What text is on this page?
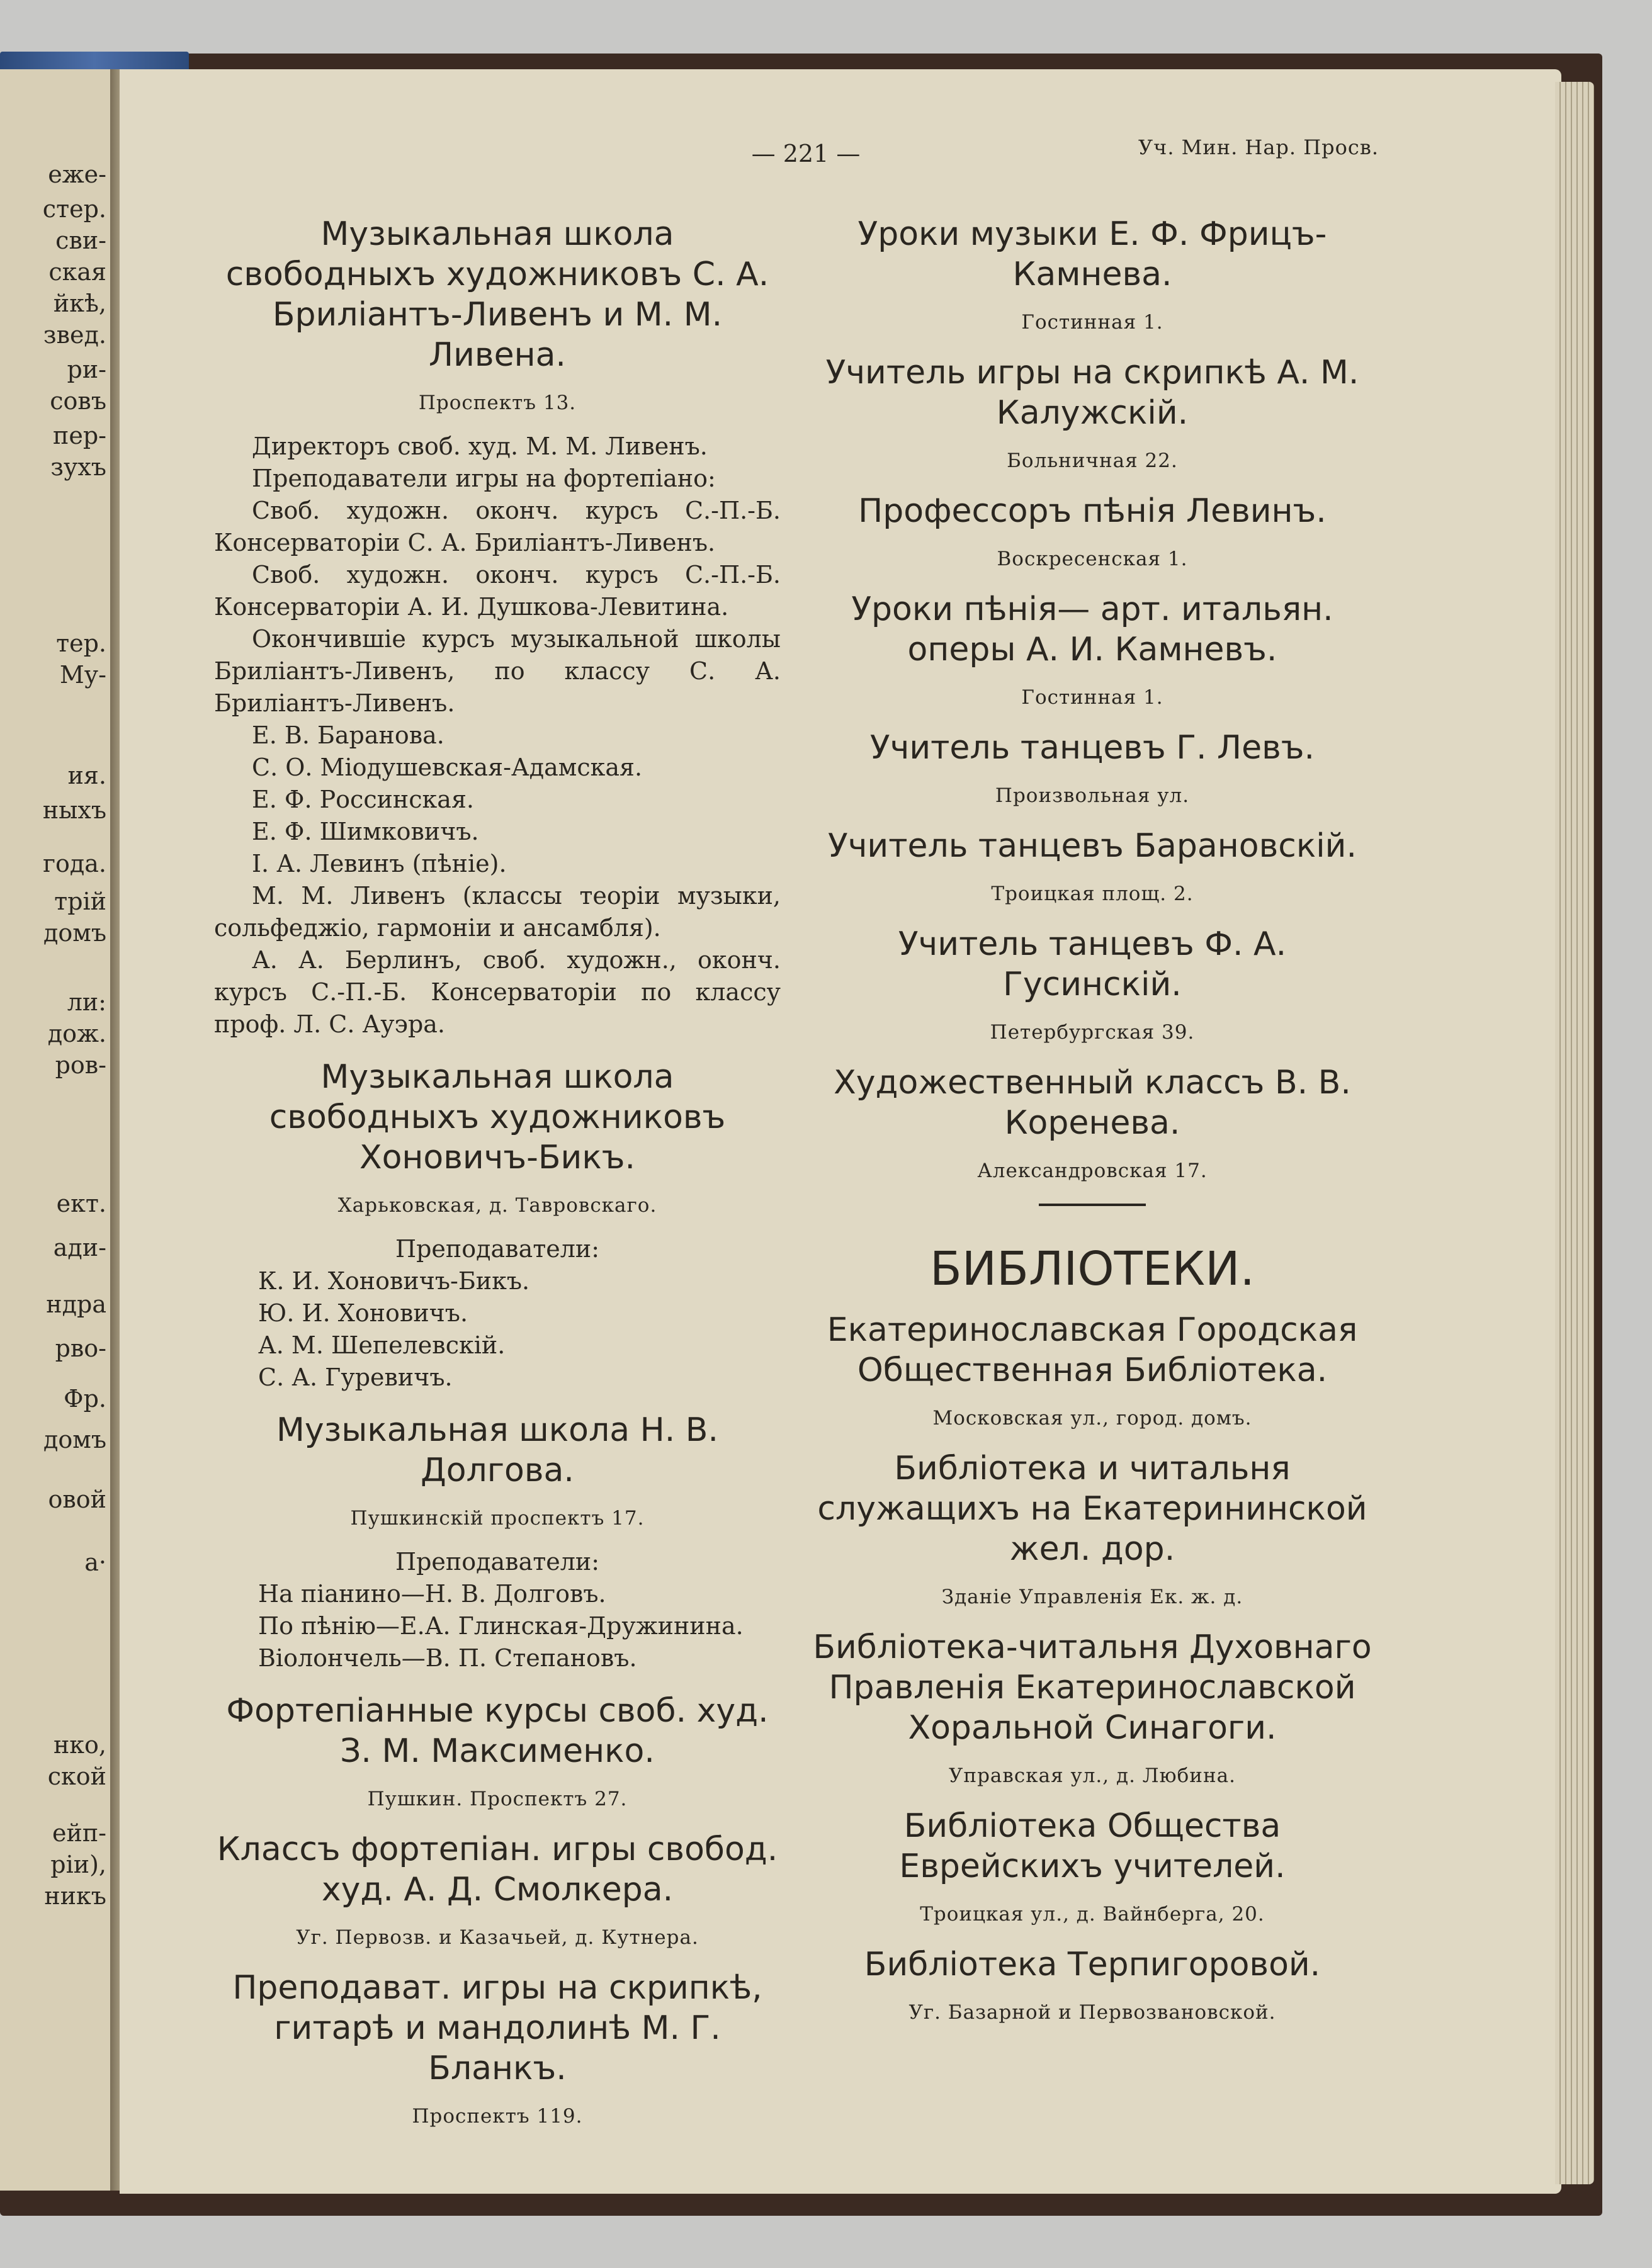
еже-
стер.
сви-
ская
йкѣ,
звед.
ри-
совъ
пер-
зухъ
тер.
Му-
ия.
ныхъ
года.
трій
домъ
ли:
дож.
ров-
ект.
ади-
ндра
рво-
Фр.
домъ
овой
а·
нко,
ской
ейп-
ріи),
никъ
— 221 —	Уч. Мин. Нар. Просв.
Музыкальная школа свободныхъ художниковъ С. А. Бриліантъ-Ливенъ и М. М. Ливена.
Проспектъ 13.

Директоръ своб. худ. М. М. Ливенъ.

Преподаватели игры на фортепіано:

Своб. художн. оконч. курсъ С.-П.-Б. Консерваторіи С. А. Бриліантъ-Ливенъ.

Своб. художн. оконч. курсъ С.-П.-Б. Консерваторіи А. И. Душкова-Левитина.

Окончившіе курсъ музыкальной школы Бриліантъ-Ливенъ, по классу С. А. Бриліантъ-Ливенъ.

Е. В. Баранова.

С. О. Міодушевская-Адамская.

Е. Ф. Россинская.

Е. Ф. Шимковичъ.

І. А. Левинъ (пѣніе).

М. М. Ливенъ (классы теоріи музыки, сольфеджіо, гармоніи и ансамбля).

А. А. Берлинъ, своб. художн., оконч. курсъ С.-П.-Б. Консерваторіи по классу проф. Л. С. Ауэра.

Музыкальная школа свободныхъ художниковъ Хоновичъ-Бикъ.
Харьковская, д. Тавровскаго.

Преподаватели:

К. И. Хоновичъ-Бикъ.
Ю. И. Хоновичъ.
А. М. Шепелевскій.
С. А. Гуревичъ.
Музыкальная школа Н. В. Долгова.
Пушкинскій проспектъ 17.

Преподаватели:

На піанино—Н. В. Долговъ.
По пѣнію—Е.А. Глинская-Дружинина.
Віолончель—В. П. Степановъ.
Фортепіанные курсы своб. худ. З. М. Максименко.
Пушкин. Проспектъ 27.
Классъ фортепіан. игры свобод. худ. А. Д. Смолкера.
Уг. Первозв. и Казачьей, д. Кутнера.
Преподават. игры на скрипкѣ, гитарѣ и мандолинѣ М. Г. Бланкъ.
Проспектъ 119.
Уроки музыки Е. Ф. Фрицъ-Камнева.
Гостинная 1.
Учитель игры на скрипкѣ А. М. Калужскій.
Больничная 22.
Профессоръ пѣнія Левинъ.
Воскресенская 1.
Уроки пѣнія— арт. итальян. оперы А. И. Камневъ.
Гостинная 1.
Учитель танцевъ Г. Левъ.
Произвольная ул.
Учитель танцевъ Барановскій.
Троицкая площ. 2.
Учитель танцевъ Ф. А. Гусинскій.
Петербургская 39.
Художественный классъ В. В. Коренева.
Александровская 17.
БИБЛІОТЕКИ.
Екатеринославская Городская Общественная Библіотека.
Московская ул., город. домъ.
Библіотека и читальня служащихъ на Екатерининской жел. дор.
Зданіе Управленія Ек. ж. д.
Библіотека-читальня Духовнаго Правленія Екатеринославской Хоральной Синагоги.
Управская ул., д. Любина.
Библіотека Общества Еврейскихъ учителей.
Троицкая ул., д. Вайнберга, 20.
Библіотека Терпигоровой.
Уг. Базарной и Первозвановской.
